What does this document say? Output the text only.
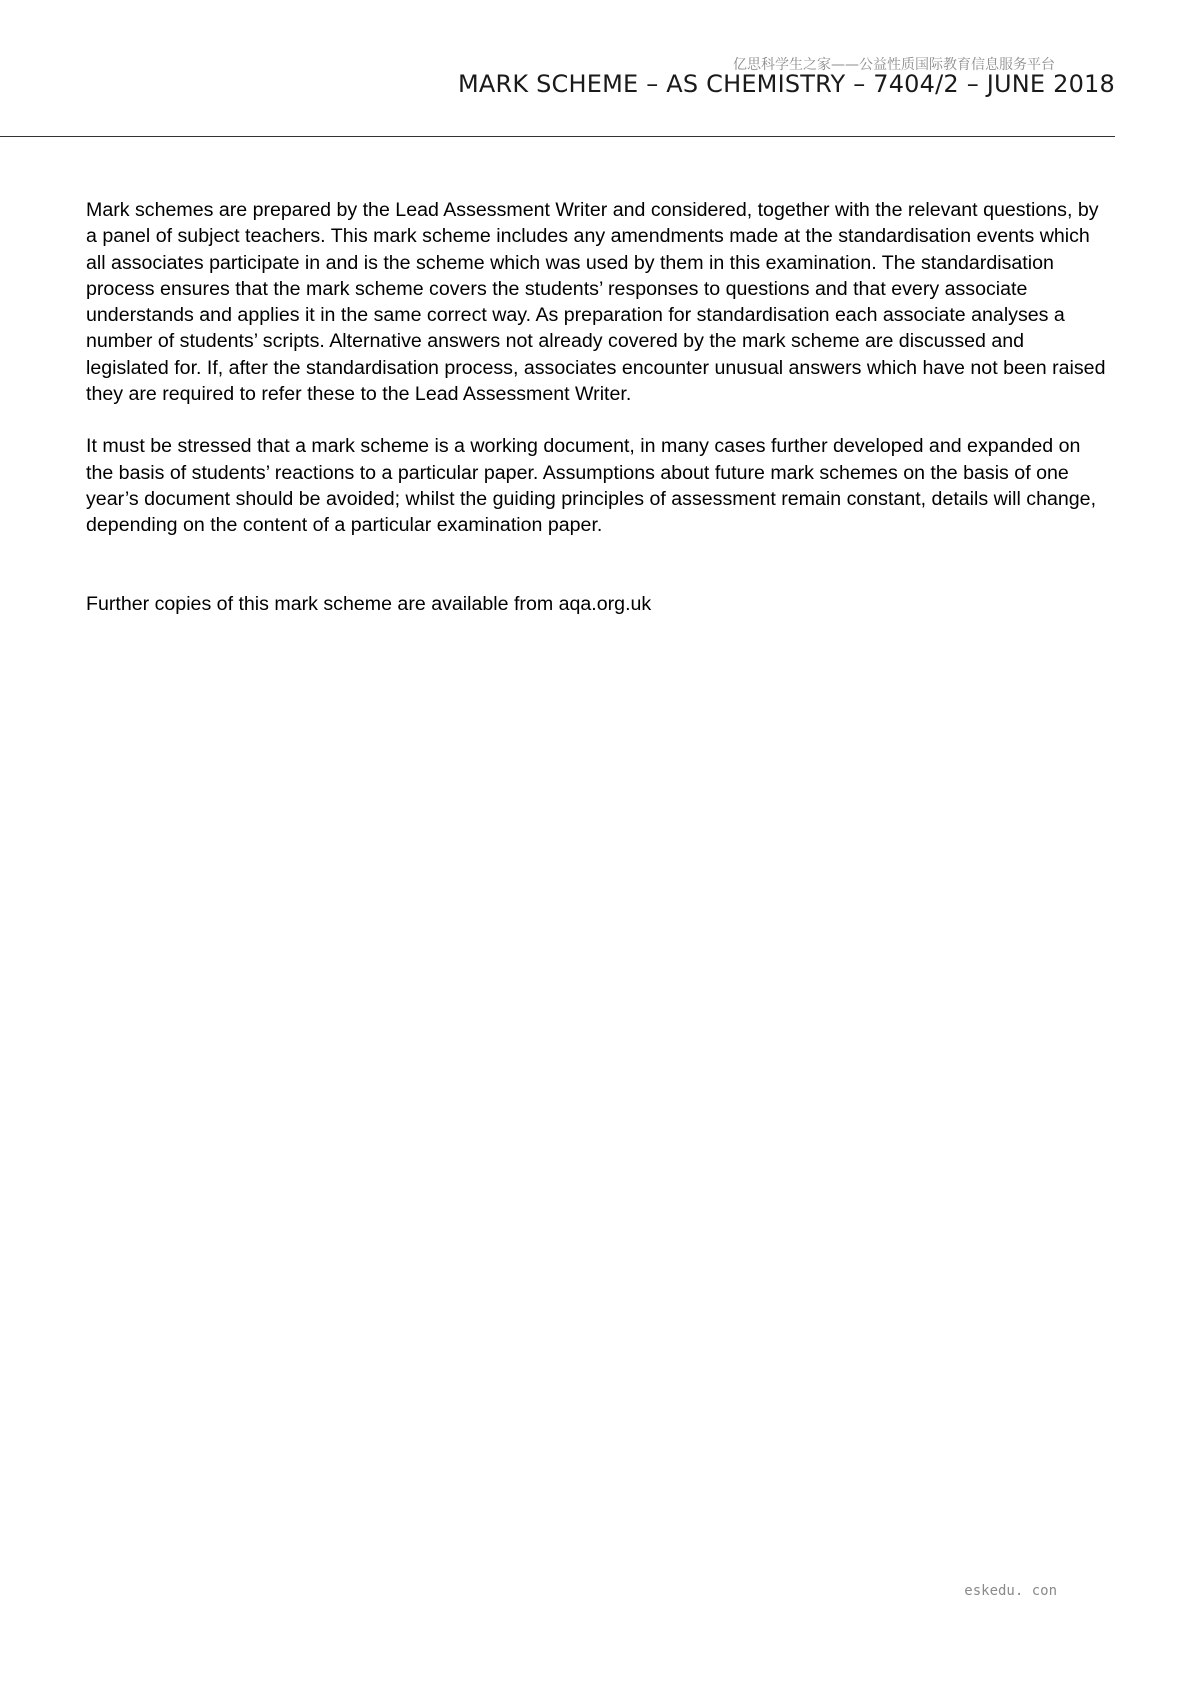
亿思科学生之家——公益性质国际教育信息服务平台
MARK SCHEME – AS CHEMISTRY – 7404/2 – JUNE 2018

Mark schemes are prepared by the Lead Assessment Writer and considered, together with the relevant questions, by a panel of subject teachers. This mark scheme includes any amendments made at the standardisation events which all associates participate in and is the scheme which was used by them in this examination. The standardisation process ensures that the mark scheme covers the students’ responses to questions and that every associate understands and applies it in the same correct way. As preparation for standardisation each associate analyses a number of students’ scripts. Alternative answers not already covered by the mark scheme are discussed and legislated for. If, after the standardisation process, associates encounter unusual answers which have not been raised they are required to refer these to the Lead Assessment Writer.

It must be stressed that a mark scheme is a working document, in many cases further developed and expanded on the basis of students’ reactions to a particular paper. Assumptions about future mark schemes on the basis of one year’s document should be avoided; whilst the guiding principles of assessment remain constant, details will change, depending on the content of a particular examination paper.

Further copies of this mark scheme are available from aqa.org.uk

eskedu. con
